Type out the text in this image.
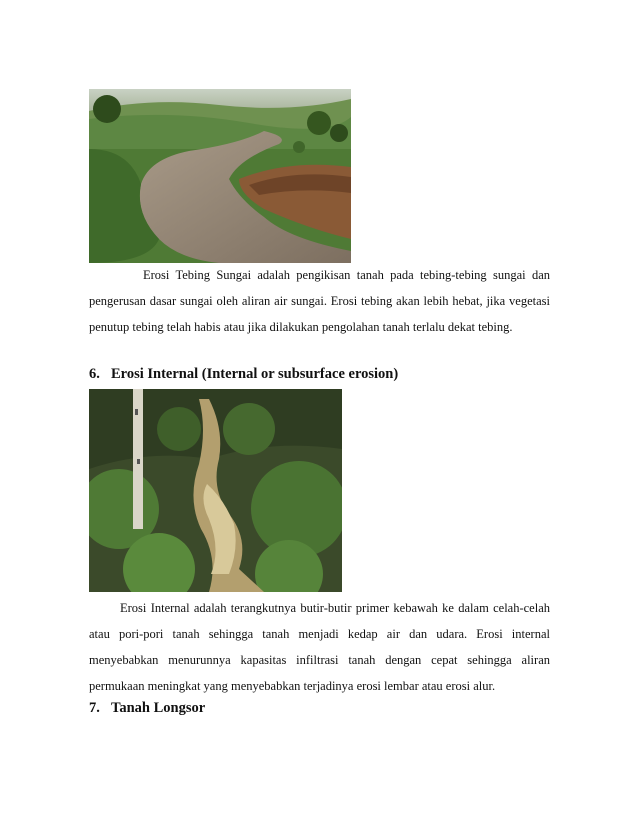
Erosi Tebing Sungai adalah pengikisan tanah pada tebing-tebing sungai dan
pengerusan dasar sungai oleh aliran air sungai. Erosi tebing akan lebih hebat, jika vegetasi
penutup tebing telah habis atau jika dilakukan pengolahan tanah terlalu dekat tebing.

6. Erosi Internal (Internal or subsurface erosion)

Erosi Internal adalah terangkutnya butir-butir primer kebawah ke dalam celah-celah
atau pori-pori tanah sehingga tanah menjadi kedap air dan udara. Erosi internal
menyebabkan menurunnya kapasitas infiltrasi tanah dengan cepat sehingga aliran
permukaan meningkat yang menyebabkan terjadinya erosi lembar atau erosi alur.

7. Tanah Longsor
